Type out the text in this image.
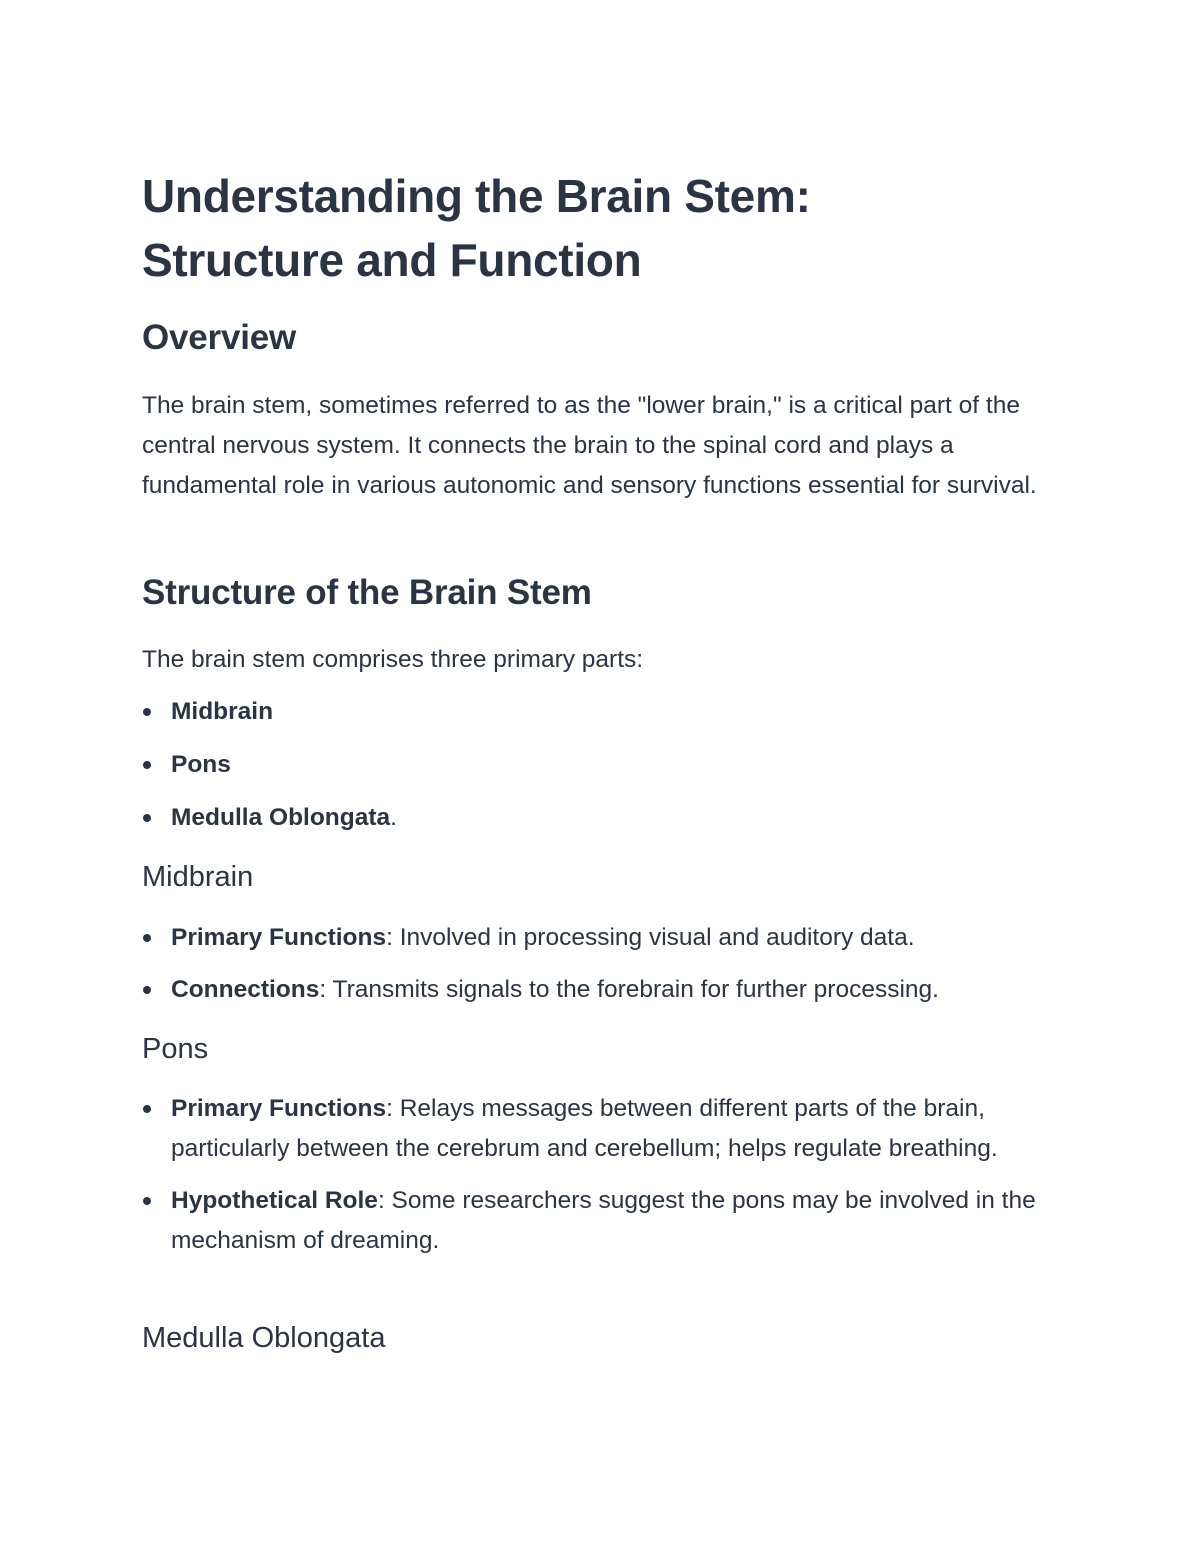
Understanding the Brain Stem:
Structure and Function
Overview

The brain stem, sometimes referred to as the "lower brain," is a critical part of the central nervous system. It connects the brain to the spinal cord and plays a fundamental role in various autonomic and sensory functions essential for survival.

Structure of the Brain Stem

The brain stem comprises three primary parts:

Midbrain
Pons
Medulla Oblongata.
Midbrain
Primary Functions: Involved in processing visual and auditory data.
Connections: Transmits signals to the forebrain for further processing.
Pons
Primary Functions: Relays messages between different parts of the brain, particularly between the cerebrum and cerebellum; helps regulate breathing.
Hypothetical Role: Some researchers suggest the pons may be involved in the mechanism of dreaming.
Medulla Oblongata
